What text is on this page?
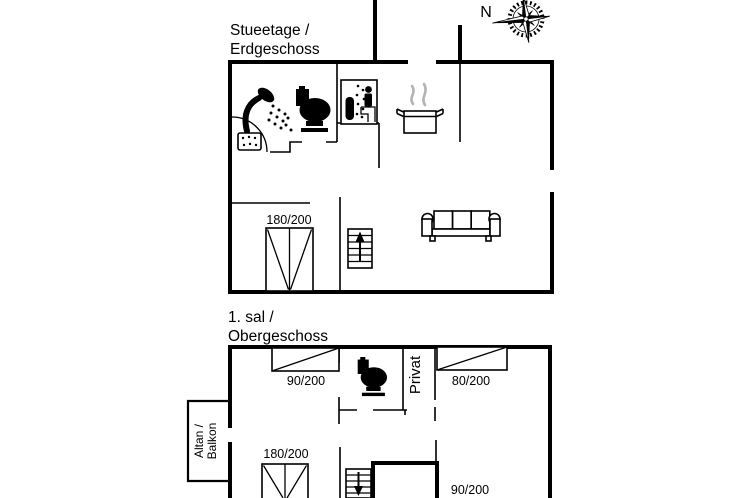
Stueetage /
Erdgeschoss
180/200
N
1. sal /
Obergeschoss
90/200	80/200
180/200
90/200
Privat
Altan / Balkon
